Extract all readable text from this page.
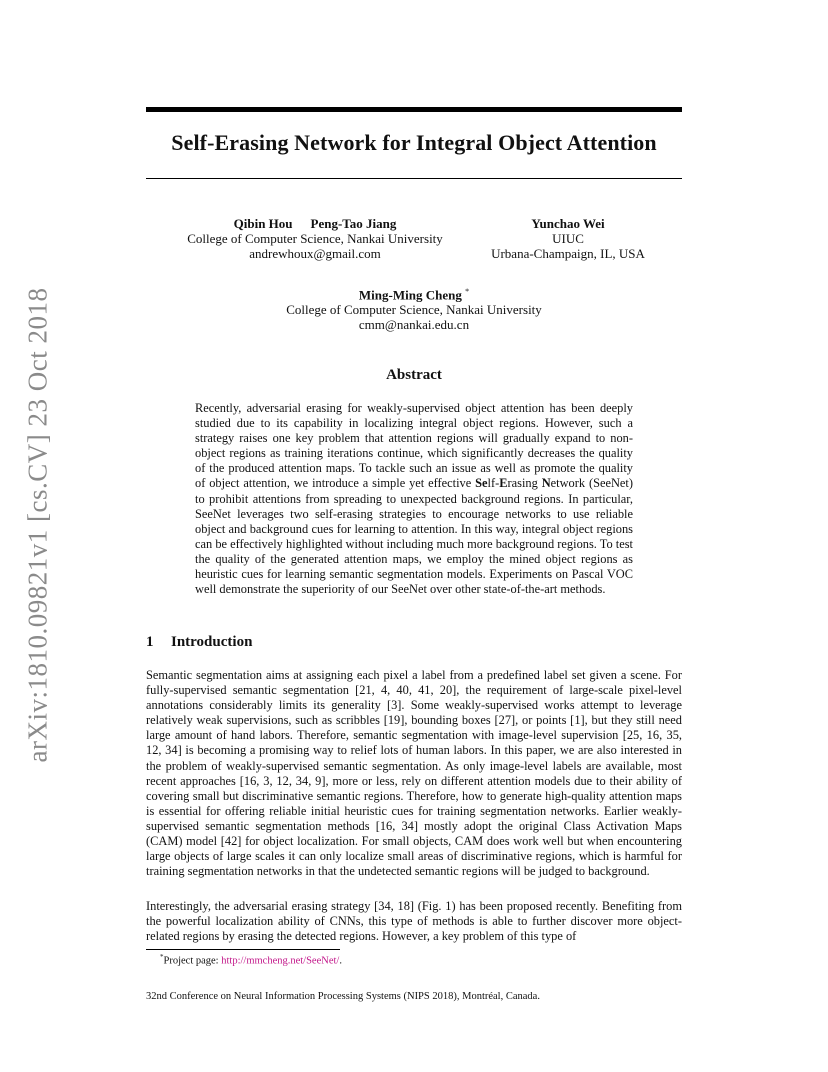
arXiv:1810.09821v1 [cs.CV] 23 Oct 2018
Self-Erasing Network for Integral Object Attention
Qibin Hou Peng-Tao Jiang
College of Computer Science, Nankai University
andrewhoux@gmail.com
Yunchao Wei
UIUC
Urbana-Champaign, IL, USA
Ming-Ming Cheng *
College of Computer Science, Nankai University
cmm@nankai.edu.cn
Abstract

Recently, adversarial erasing for weakly-supervised object attention has been deeply studied due to its capability in localizing integral object regions. However, such a strategy raises one key problem that attention regions will gradually expand to non-object regions as training iterations continue, which significantly decreases the quality of the produced attention maps. To tackle such an issue as well as promote the quality of object attention, we introduce a simple yet effective Self-Erasing Network (SeeNet) to prohibit attentions from spreading to unexpected background regions. In particular, SeeNet leverages two self-erasing strategies to encourage networks to use reliable object and background cues for learning to attention. In this way, integral object regions can be effectively highlighted without including much more background regions. To test the quality of the generated attention maps, we employ the mined object regions as heuristic cues for learning semantic segmentation models. Experiments on Pascal VOC well demonstrate the superiority of our SeeNet over other state-of-the-art methods.

1 Introduction

Semantic segmentation aims at assigning each pixel a label from a predefined label set given a scene. For fully-supervised semantic segmentation [21, 4, 40, 41, 20], the requirement of large-scale pixel-level annotations considerably limits its generality [3]. Some weakly-supervised works attempt to leverage relatively weak supervisions, such as scribbles [19], bounding boxes [27], or points [1], but they still need large amount of hand labors. Therefore, semantic segmentation with image-level supervision [25, 16, 35, 12, 34] is becoming a promising way to relief lots of human labors. In this paper, we are also interested in the problem of weakly-supervised semantic segmentation. As only image-level labels are available, most recent approaches [16, 3, 12, 34, 9], more or less, rely on different attention models due to their ability of covering small but discriminative semantic regions. Therefore, how to generate high-quality attention maps is essential for offering reliable initial heuristic cues for training segmentation networks. Earlier weakly-supervised semantic segmentation methods [16, 34] mostly adopt the original Class Activation Maps (CAM) model [42] for object localization. For small objects, CAM does work well but when encountering large objects of large scales it can only localize small areas of discriminative regions, which is harmful for training segmentation networks in that the undetected semantic regions will be judged to background.

Interestingly, the adversarial erasing strategy [34, 18] (Fig. 1) has been proposed recently. Benefiting from the powerful localization ability of CNNs, this type of methods is able to further discover more object-related regions by erasing the detected regions. However, a key problem of this type of

*Project page: http://mmcheng.net/SeeNet/.
32nd Conference on Neural Information Processing Systems (NIPS 2018), Montréal, Canada.
